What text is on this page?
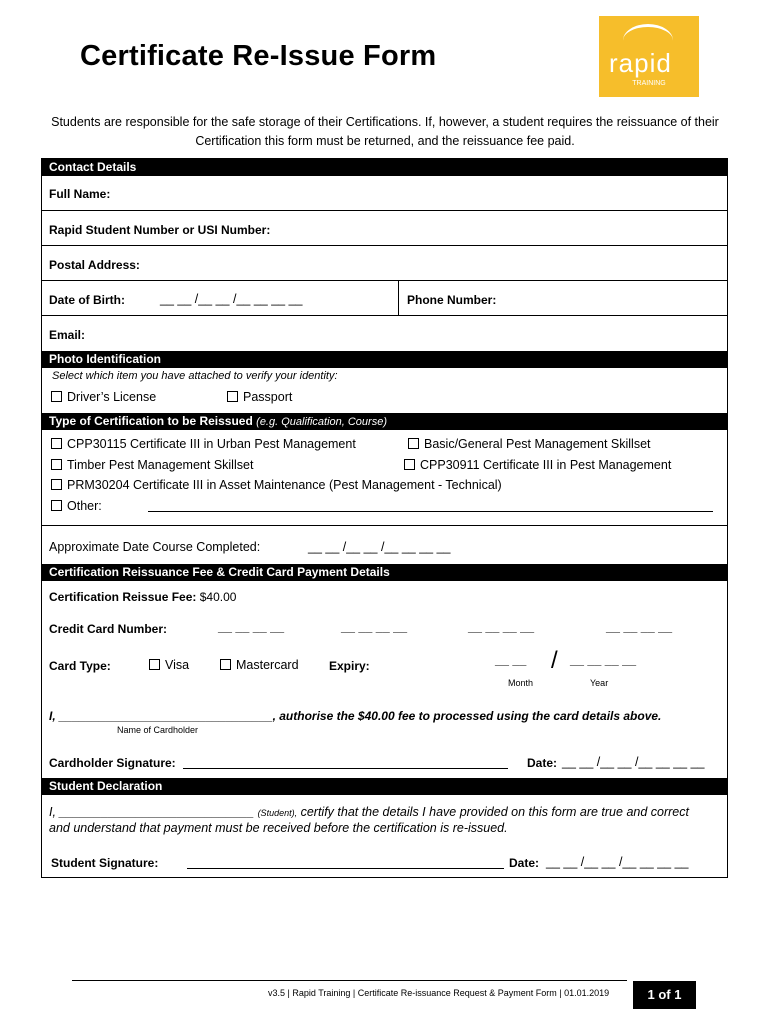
Certificate Re-Issue Form	rapid
TRAINING
Students are responsible for the safe storage of their Certifications. If, however, a student requires the reissuance of their Certification this form must be returned, and the reissuance fee paid.
Contact Details
Full Name:
Rapid Student Number or USI Number:
Postal Address:
Date of Birth:	__ __ /__ __ /__ __ __ __	Phone Number:
Email:
Photo Identification
Select which item you have attached to verify your identity:
Driver’s License	Passport
Type of Certification to be Reissued (e.g. Qualification, Course)
CPP30115 Certificate III in Urban Pest Management	Basic/General Pest Management Skillset
Timber Pest Management Skillset	CPP30911 Certificate III in Pest Management
PRM30204 Certificate III in Asset Maintenance (Pest Management - Technical)
Other:
Approximate Date Course Completed:	__ __ /__ __ /__ __ __ __
Certification Reissuance Fee & Credit Card Payment Details
Certification Reissue Fee: $40.00
Credit Card Number:	__ __ __ __	__ __ __ __	__ __ __ __	__ __ __ __
Card Type:	Visa	Mastercard	Expiry:	__ __ / __ __ __ __
Month	Year
I, ________________________________, authorise the $40.00 fee to processed using the card details above.
Name of Cardholder
Cardholder Signature:	Date: __ __ /__ __ /__ __ __ __
Student Declaration
I, ____________________________ (Student), certify that the details I have provided on this form are true and correct
and understand that payment must be received before the certification is re-issued.
Student Signature:	Date: __ __ /__ __ /__ __ __ __
v3.5 | Rapid Training | Certificate Re-issuance Request & Payment Form | 01.01.2019	1 of 1
